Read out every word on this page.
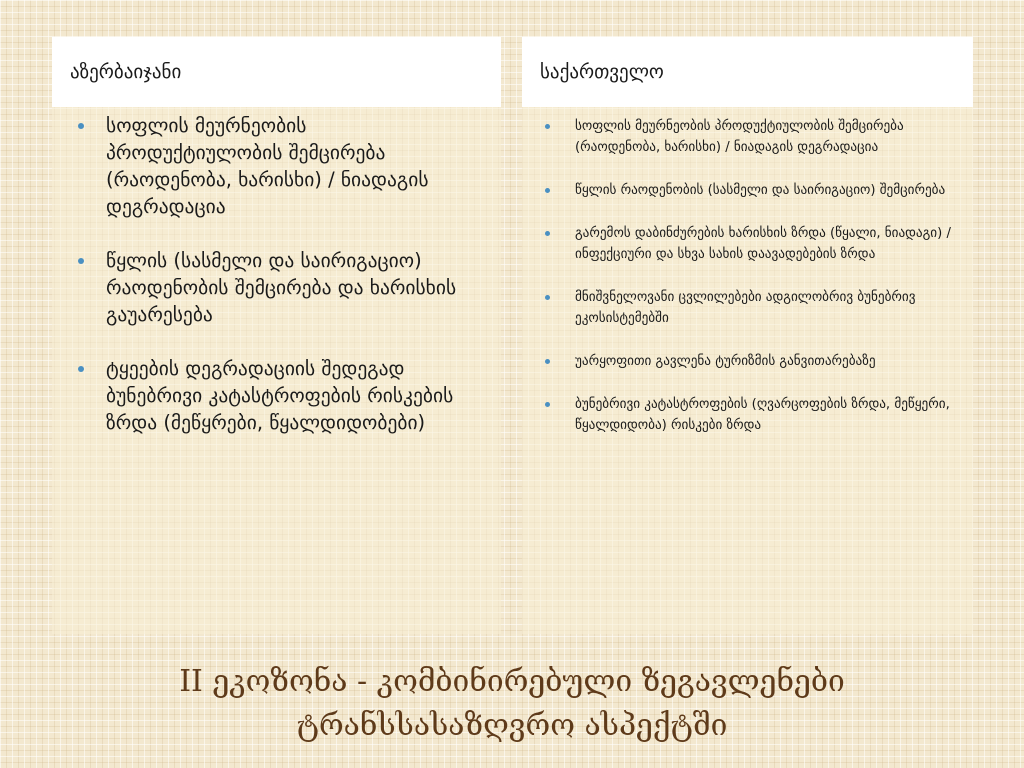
აზერბაიჯანი	საქართველო
სოფლის მეურნეობის პროდუქტიულობის შემცირება (რაოდენობა, ხარისხი) / ნიადაგის დეგრადაცია
წყლის (სასმელი და საირიგაციო) რაოდენობის შემცირება და ხარისხის გაუარესება
ტყეების დეგრადაციის შედეგად ბუნებრივი კატასტროფების რისკების ზრდა (მეწყრები, წყალდიდობები)
სოფლის მეურნეობის პროდუქტიულობის შემცირება (რაოდენობა, ხარისხი) / ნიადაგის დეგრადაცია
წყლის რაოდენობის (სასმელი და საირიგაციო) შემცირება
გარემოს დაბინძურების ხარისხის ზრდა (წყალი, ნიადაგი) / ინფექციური და სხვა სახის დაავადებების ზრდა
მნიშვნელოვანი ცვლილებები ადგილობრივ ბუნებრივ ეკოსისტემებში
უარყოფითი გავლენა ტურიზმის განვითარებაზე
ბუნებრივი კატასტროფების (ღვარცოფების ზრდა, მეწყერი, წყალდიდობა) რისკები ზრდა
II ეკოზონა - კომბინირებული ზეგავლენები ტრანსსასაზღვრო ასპექტში
